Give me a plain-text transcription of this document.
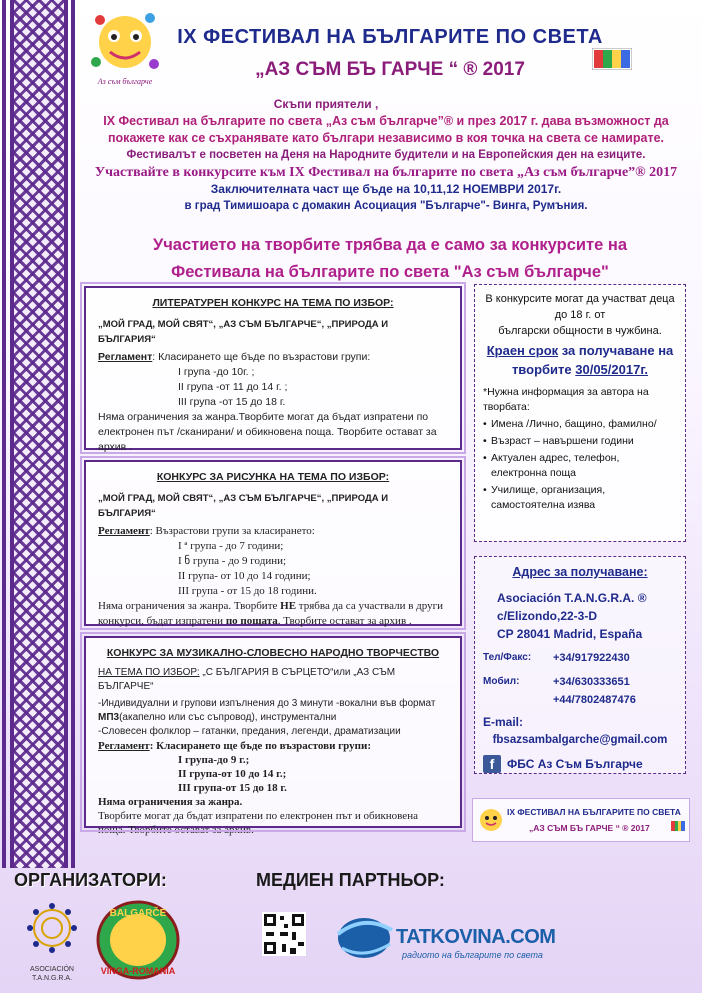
Аз съм българче
IX ФЕСТИВАЛ НА БЪЛГАРИТЕ ПО СВЕТА
„АЗ СЪМ БЪ ГАРЧЕ “ ® 2017

Скъпи приятели ,

IX Фестивал на българите по света „Аз съм българче”® и през 2017 г. дава възможност да покажете как се съхранявате като българи независимо в коя точка на света се намирате.

Фестивалът е посветен на Деня на Народните будители и на Европейския ден на езиците.

Участвайте в конкурсите към IX Фестивал на българите по света „Аз съм българче”® 2017

Заключителната част ще бъде на 10,11,12 НОЕМВРИ 2017г.

в град Тимишоара с домакин Асоциация "Българче"- Винга, Румъния.

Участието на творбите трябва да е само за конкурсите на
Фестивала на българите по света "Аз съм българче"
ЛИТЕРАТУРЕН КОНКУРС НА ТЕМА ПО ИЗБОР:
„МОЙ ГРАД, МОЙ СВЯТ“, „АЗ СЪМ БЪЛГАРЧЕ“, „ПРИРОДА И БЪЛГАРИЯ“
Регламент: Класирането ще бъде по възрастови групи:
I група -до 10г. ;
II група -от 11 до 14 г. ;
III група -от 15 до 18 г.
Няма ограничения за жанра.Творбите могат да бъдат изпратени по електронен път /сканирани/ и обикновена поща. Творбите остават за архив .
КОНКУРС ЗА РИСУНКА НА ТЕМА ПО ИЗБОР:
„МОЙ ГРАД, МОЙ СВЯТ“, „АЗ СЪМ БЪЛГАРЧЕ“, „ПРИРОДА И БЪЛГАРИЯ“
Регламент: Възрастови групи за класирането:
I ª група - до 7 години;
I ნ група - до 9 години;
II група- от 10 до 14 години;
III група - от 15 до 18 години.
Няма ограничения за жанра. Творбите НЕ трябва да са участвали в други конкурси, бъдат изпратени по пощата. Творбите остават за архив .
КОНКУРС ЗА МУЗИКАЛНО-СЛОВЕСНО НАРОДНО ТВОРЧЕСТВО
НА ТЕМА ПО ИЗБОР: „С БЪЛГАРИЯ В СЪРЦЕТО“или „АЗ СЪМ БЪЛГАРЧЕ“
-Индивидуални и групови изпълнения до 3 минути -вокални във формат МП3(акапелно или със съпровод), инструментални
-Словесен фолклор – гатанки, предания, легенди, драматизации
Регламент: Класирането ще бъде по възрастови групи:
I група-до 9 г.;
II група-от 10 до 14 г.;
III група-от 15 до 18 г.
Няма ограничения за жанра.
Творбите могат да бъдат изпратени по електронен път и обикновена поща. Творбите остават за архив.
В конкурсите могат да участват деца
до 18 г. от
български общности в чужбина.
Краен срок за получаване на
творбите 30/05/2017г.
*Нужна информация за автора на творбата:
• Имена /Лично, бащино, фамилно/
• Възраст – навършени години
• Актуален адрес, телефон, електронна поща
• Училище, организация, самостоятелна изява
Адрес за получаване:
Asociación T.A.N.G.R.A. ®
c/Elizondo,22-3-D
CP 28041 Madrid, España
Тел/Факс:	+34/917922430
Мобил:	+34/630333651
+44/7802487476
E-mail:
fbsazsambalgarche@gmail.com
f	ФБС Аз Съм Българче
IX ФЕСТИВАЛ НА БЪЛГАРИТЕ ПО СВЕТА
„АЗ СЪМ БЪ ГАРЧЕ “ ® 2017
ОРГАНИЗАТОРИ:	МЕДИЕН ПАРТНЬОР:
ASOCIACIÓN
T.A.N.G.R.A.
BALGARČE
VINGA-ROMANIA
TATKOVINA.COM
радиото на българите по света
